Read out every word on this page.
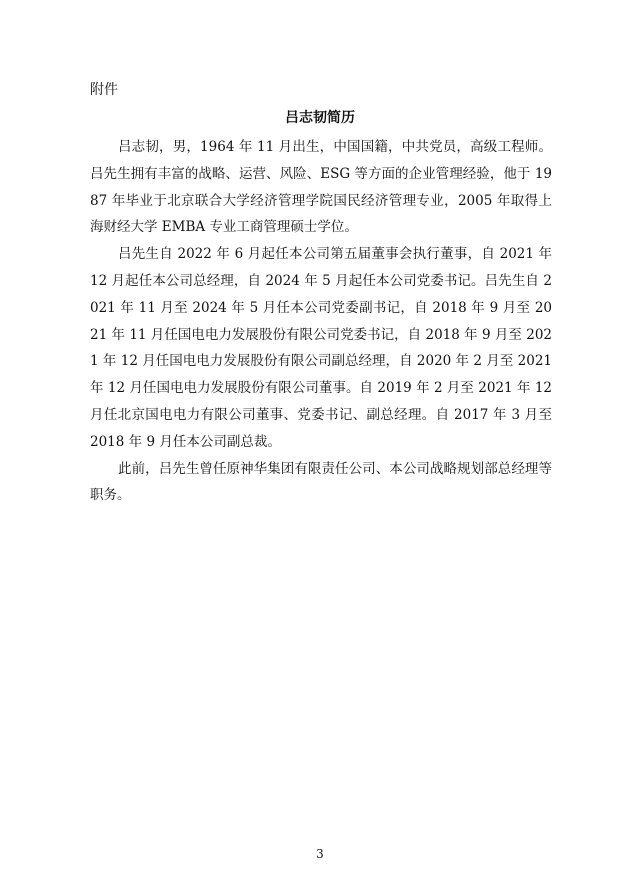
附件
吕志韧简历

吕志韧，男，1964 年 11 月出生，中国国籍，中共党员，高级工程师。吕先生拥有丰富的战略、运营、风险、ESG 等方面的企业管理经验，他于 1987 年毕业于北京联合大学经济管理学院国民经济管理专业，2005 年取得上海财经大学 EMBA 专业工商管理硕士学位。

吕先生自 2022 年 6 月起任本公司第五届董事会执行董事，自 2021 年 12 月起任本公司总经理，自 2024 年 5 月起任本公司党委书记。吕先生自 2021 年 11 月至 2024 年 5 月任本公司党委副书记，自 2018 年 9 月至 2021 年 11 月任国电电力发展股份有限公司党委书记，自 2018 年 9 月至 2021 年 12 月任国电电力发展股份有限公司副总经理，自 2020 年 2 月至 2021 年 12 月任国电电力发展股份有限公司董事。自 2019 年 2 月至 2021 年 12 月任北京国电电力有限公司董事、党委书记、副总经理。自 2017 年 3 月至 2018 年 9 月任本公司副总裁。

此前，吕先生曾任原神华集团有限责任公司、本公司战略规划部总经理等职务。

3
